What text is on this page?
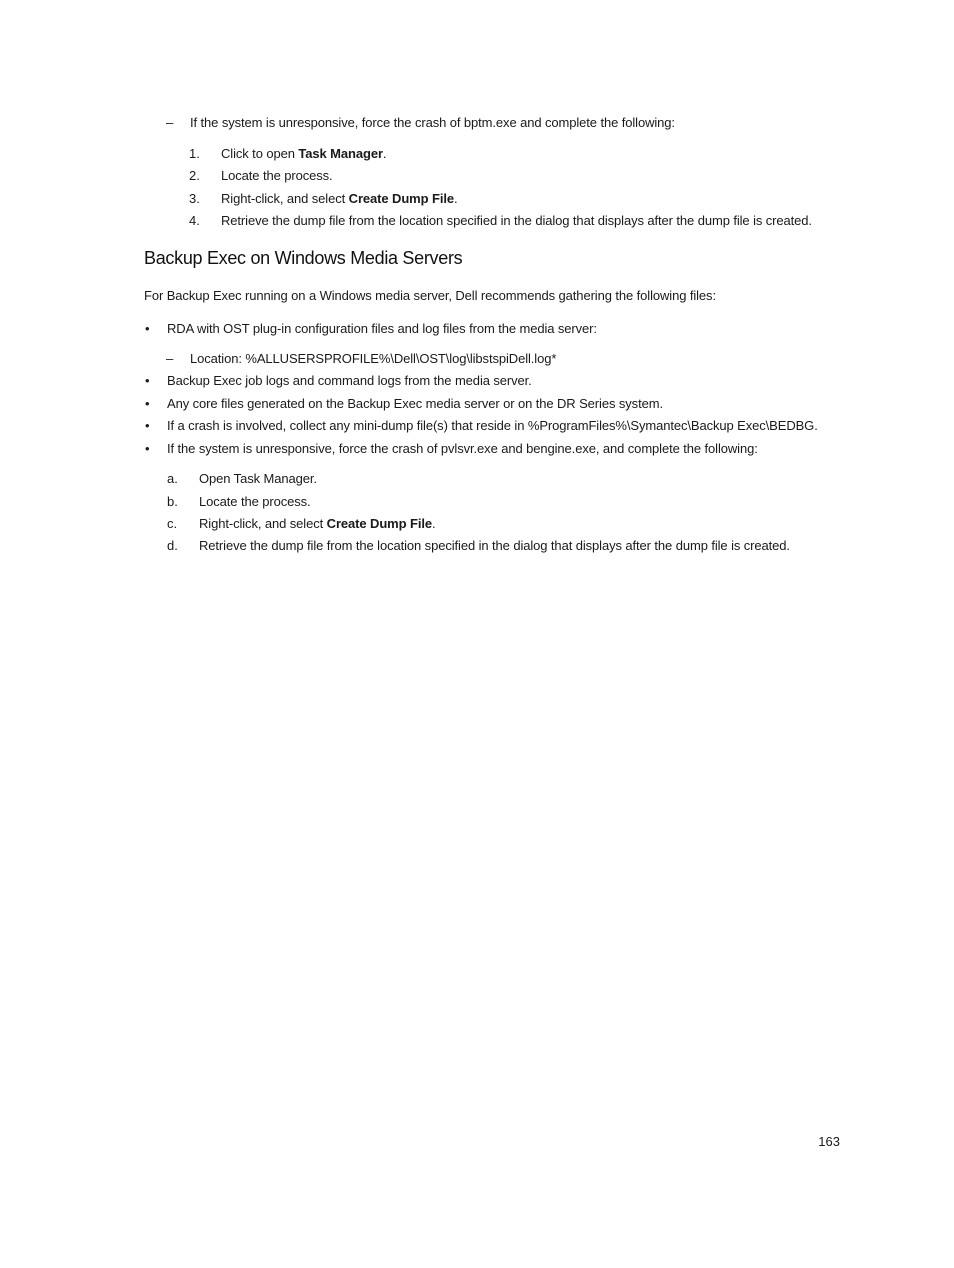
– If the system is unresponsive, force the crash of bptm.exe and complete the following:
1. Click to open Task Manager.
2. Locate the process.
3. Right-click, and select Create Dump File.
4. Retrieve the dump file from the location specified in the dialog that displays after the dump file is created.
Backup Exec on Windows Media Servers
For Backup Exec running on a Windows media server, Dell recommends gathering the following files:
• RDA with OST plug-in configuration files and log files from the media server:
– Location: %ALLUSERSPROFILE%\Dell\OST\log\libstspiDell.log*
• Backup Exec job logs and command logs from the media server.
• Any core files generated on the Backup Exec media server or on the DR Series system.
• If a crash is involved, collect any mini-dump file(s) that reside in %ProgramFiles%\Symantec\Backup Exec\BEDBG.
• If the system is unresponsive, force the crash of pvlsvr.exe and bengine.exe, and complete the following:
a. Open Task Manager.
b. Locate the process.
c. Right-click, and select Create Dump File.
d. Retrieve the dump file from the location specified in the dialog that displays after the dump file is created.
163
